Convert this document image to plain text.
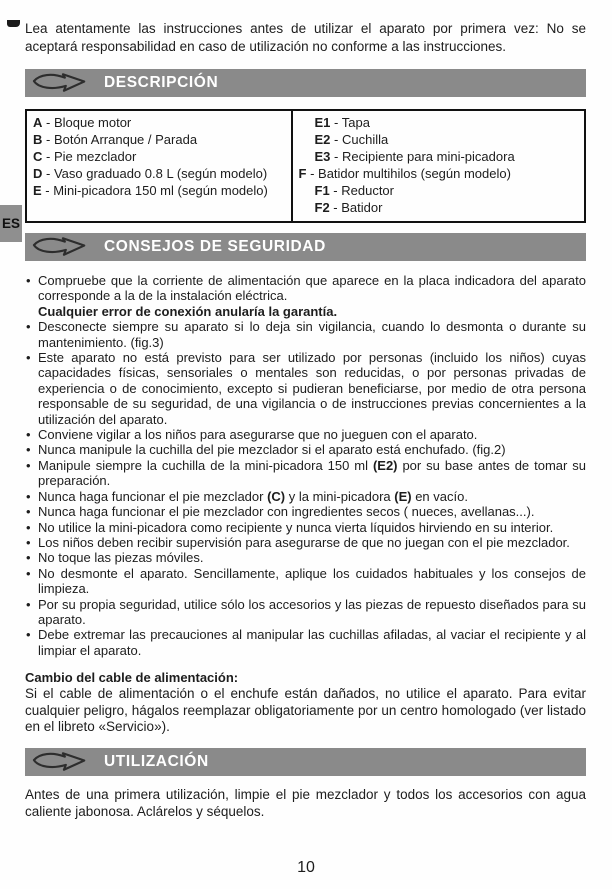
ES

Lea atentamente las instrucciones antes de utilizar el aparato por primera vez: No se aceptará responsabilidad en caso de utilización no conforme a las instrucciones.

DESCRIPCIÓN
A - Bloque motor
B - Botón Arranque / Parada
C - Pie mezclador
D - Vaso graduado 0.8 L (según modelo)
E - Mini-picadora 150 ml (según modelo)

E1 - Tapa
E2 - Cuchilla
E3 - Recipiente para mini-picadora
F - Batidor multihilos (según modelo)
F1 - Reductor
F2 - Batidor
CONSEJOS DE SEGURIDAD
• Compruebe que la corriente de alimentación que aparece en la placa indicadora del aparato corresponde a la de la instalación eléctrica.
Cualquier error de conexión anularía la garantía.
• Desconecte siempre su aparato si lo deja sin vigilancia, cuando lo desmonta o durante su mantenimiento. (fig.3)
• Este aparato no está previsto para ser utilizado por personas (incluido los niños) cuyas capacidades físicas, sensoriales o mentales son reducidas, o por personas privadas de experiencia o de conocimiento, excepto si pudieran beneficiarse, por medio de otra persona responsable de su seguridad, de una vigilancia o de instrucciones previas concernientes a la utilización del aparato.
• Conviene vigilar a los niños para asegurarse que no jueguen con el aparato.
• Nunca manipule la cuchilla del pie mezclador si el aparato está enchufado. (fig.2)
• Manipule siempre la cuchilla de la mini-picadora 150 ml (E2) por su base antes de tomar su preparación.
• Nunca haga funcionar el pie mezclador (C) y la mini-picadora (E) en vacío.
• Nunca haga funcionar el pie mezclador con ingredientes secos ( nueces, avellanas...).
• No utilice la mini-picadora como recipiente y nunca vierta líquidos hirviendo en su interior.
• Los niños deben recibir supervisión para asegurarse de que no juegan con el pie mezclador.
• No toque las piezas móviles.
• No desmonte el aparato. Sencillamente, aplique los cuidados habituales y los consejos de limpieza.
• Por su propia seguridad, utilice sólo los accesorios y las piezas de repuesto diseñados para su aparato.
• Debe extremar las precauciones al manipular las cuchillas afiladas, al vaciar el recipiente y al limpiar el aparato.

Cambio del cable de alimentación:

Si el cable de alimentación o el enchufe están dañados, no utilice el aparato. Para evitar cualquier peligro, hágalos reemplazar obligatoriamente por un centro homologado (ver listado en el libreto «Servicio»).

UTILIZACIÓN

Antes de una primera utilización, limpie el pie mezclador y todos los accesorios con agua caliente jabonosa. Aclárelos y séquelos.

10
